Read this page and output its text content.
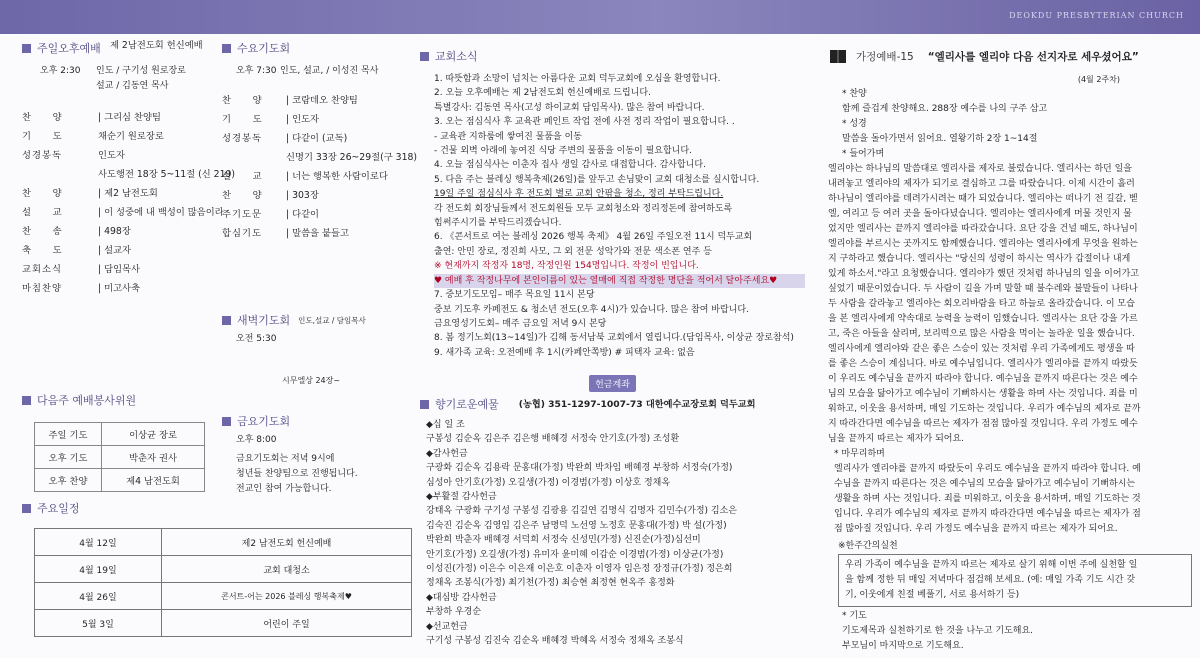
DEOKDU PRESBYTERIAN CHURCH
주일오후예배 제 2남전도회 헌신예배
오후 2:30 인도 / 구기성 원로장로
설교 / 김동연 목사
찬　　양	| 그리심 찬양팀
기　　도	채순기 원로장로
성경봉독	인도자
사도행전 18장 5~11절 (신 219)
찬　　양	| 제2 남전도회
설　　교	| 이 성중에 내 백성이 많음이라
찬　　송	| 498장
축　　도	| 설교자
교회소식	| 담임목사
마침찬양	| 미고사축
다음주 예배봉사위원
주일 기도	이상균 장로
오후 기도	박춘자 권사
오후 찬양	제4 남전도회
주요일정
4월 12일	제2 남전도회 헌신예배
4월 19일	교회 대청소
4월 26일	콘서트-어는 2026 블레싱 행복축제♥
5월 3일	어린이 주일
수요기도회
오후 7:30 인도, 설교, / 이성진 목사
찬　　양	| 코람데오 찬양팀
기　　도	| 인도자
성경봉독	| 다같이 (교독)
신명기 33장 26~29절(구 318)
설　　교	| 너는 행복한 사람이로다
찬　　양	| 303장
주기도문	| 다같이
합심기도	| 말씀을 붙들고
새벽기도회 인도,설교 / 담임목사
오전 5:30
시무엘상 24장~
금요기도회
오후 8:00
금요기도회는 저녁 9시에
청년들 찬양팀으로 진행됩니다.
전교인 참여 가능합니다.
교회소식
1. 따뜻함과 소망이 넘치는 아름다운 교회 덕두교회에 오심을 환영합니다.
2. 오늘 오후예배는 제 2남전도회 헌신예배로 드립니다.
특별강사: 김동연 목사(고성 하이교회 담임목사). 많은 참여 바랍니다.
3. 오는 점심식사 후 교육관 페인트 작업 전에 사전 정리 작업이 필요합니다. .
- 교육관 지하룸에 쌓여진 물품을 이동
- 건물 외벽 아래에 놓여진 식당 주변의 물품을 이동이 필요합니다.
4. 오늘 점심식사는 이춘자 집사 생일 감사로 대접합니다. 감사합니다.
5. 다음 주는 블레싱 행복축제(26일)를 앞두고 손님맞이 교회 대청소를 실시합니다.
19일 주일 점심식사 후 전도회 별로 교회 안팎을 청소, 정리 부탁드립니다.
각 전도회 회장님들께서 전도회원들 모두 교회청소와 정리정돈에 참여하도록
힘써주시기를 부탁드리겠습니다.
6. 《콘서트로 여는 블레싱 2026 행복 축제》 4월 26일 주일오전 11시 덕두교회
출연: 안민 장로, 정진희 사모, 그 외 전문 성악가와 전문 색소폰 연주 등
※ 현재까지 작정자 18명, 작정인원 154명입니다. 작정이 빈입니다.
♥ 예배 후 작정나무에 본인이름이 있는 열매에 직접 작정한 명단을 적어서 달아주세요♥
7. 중보기도모임– 매주 목요일 11시 본당
중보 기도후 카페전도 & 청소년 전도(오후 4시)가 있습니다. 많은 참여 바랍니다.
금요영성기도회– 매주 금요일 저녁 9시 본당
8. 봄 정기노회(13~14일)가 김해 동서남북 교회에서 열립니다.(담임목사, 이상균 장로참석)
9. 새가족 교육: 오전예배 후 1시(카페안쪽방) # 피택자 교육: 없음
헌금계좌
향기로운예물 (농협) 351-1297-1007-73 대한예수교장로회 덕두교회
◆십 일 조
구봉성 김순옥 김은주 김은행 배혜경 서정숙 안기호(가정) 조성환
◆감사헌금
구광화 김순옥 김용락 문홍대(가정) 박완희 박차임 배혜경 부창하 서정숙(가정)
심성아 안기호(가정) 오길생(가정) 이경범(가정) 이상호 정채옥
◆부활절 감사헌금
강태옥 구광화 구기성 구봉성 김광용 김길연 김명식 김명자 김민수(가정) 김소은
김숙진 김순옥 김영임 김은주 남명덕 노선영 노정호 문홍대(가정) 박 설(가정)
박완희 박춘자 배혜경 서덕희 서정숙 신성민(가정) 신진순(가정)심선미
안기호(가정) 오길생(가정) 유미자 윤미혜 이갑순 이경범(가정) 이상균(가정)
이성진(가정) 이은수 이은재 이은호 이춘자 이영자 임은정 장정규(가정) 정은희
정채옥 조봉식(가정) 최기천(가정) 최승현 최정현 현옥주 홍정화
◆대심방 감사헌금
부창하 우경순
◆선교헌금
구기성 구봉성 김진숙 김순옥 배혜경 박혜옥 서정숙 정채옥 조봉식
가정예배-15 “엘리사를 엘리야 다음 선지자로 세우셨어요”
(4월 2주차)
* 찬양
함께 즐겁게 찬양해요. 288장 예수를 나의 구주 삼고
* 성경
말씀을 돌아가면서 읽어요. 열왕기하 2장 1~14절
* 들어가며
엘리야는 하나님의 말씀대로 엘리사를 제자로 불렀습니다. 엘리사는 하던 일을
내려놓고 엘리야의 제자가 되기로 결심하고 그를 따랐습니다. 이제 시간이 흘러
하나님이 엘리야를 데려가시려는 때가 되었습니다. 엘리야는 떠나기 전 길갈, 벧
엘, 여리고 등 여러 곳을 돌아다녔습니다. 엘리야는 엘리사에게 머물 것인지 물
었지만 엘리사는 끝까지 엘리야를 따라갔습니다. 요단 강을 건널 때도, 하나님이
엘리야를 부르시는 곳까지도 함께했습니다. 엘리야는 엘리사에게 무엇을 원하는
지 구하라고 했습니다. 엘리사는 "당신의 성령이 하시는 역사가 갑절이나 내게
있게 하소서."라고 요청했습니다. 엘리야가 했던 것처럼 하나님의 일을 이어가고
싶었기 때문이었습니다. 두 사람이 길을 가며 말할 때 불수레와 불말들이 나타나
두 사람을 갈라놓고 엘리야는 회오리바람을 타고 하늘로 올라갔습니다. 이 모습
을 본 엘리사에게 약속대로 능력을 능력이 임했습니다. 엘리사는 요단 강을 가르
고, 죽은 아들을 살리며, 보리떡으로 많은 사람을 먹이는 놀라운 일을 했습니다.
엘리사에게 엘리야와 같은 좋은 스승이 있는 것처럼 우리 가족에게도 평생을 따
를 좋은 스승이 계십니다. 바로 예수님입니다. 엘리사가 엘리야를 끝까지 따랐듯
이 우리도 예수님을 끝까지 따라야 합니다. 예수님을 끝까지 따른다는 것은 예수
님의 모습을 닮아가고 예수님이 기뻐하시는 생활을 하며 사는 것입니다. 죄를 미
워하고, 이웃을 용서하며, 매일 기도하는 것입니다. 우리가 예수님의 제자로 끝까
지 따라간다면 예수님을 따르는 제자가 점점 많아질 것입니다. 우리 가정도 예수
님을 끝까지 따르는 제자가 되어요.
* 마무리하며
엘리사가 엘리야를 끝까지 따랐듯이 우리도 예수님을 끝까지 따라야 합니다. 예
수님을 끝까지 따른다는 것은 예수님의 모습을 닮아가고 예수님이 기뻐하시는
생활을 하며 사는 것입니다. 죄를 미워하고, 이웃을 용서하며, 매일 기도하는 것
입니다. 우리가 예수님의 제자로 끝까지 따라간다면 예수님을 따르는 제자가 점
점 많아질 것입니다. 우리 가정도 예수님을 끝까지 따르는 제자가 되어요.
※한주간의실천
우리 가족이 예수님을 끝까지 따르는 제자로 살기 위해 이번 주에 실천할 일
을 함께 정한 뒤 매일 저녁마다 점검해 보세요. (예: 매일 가족 기도 시간 갖
기, 이웃에게 친절 베풀기, 서로 용서하기 등)
* 기도
기도제목과 실천하기로 한 것을 나누고 기도해요.
부모님이 마지막으로 기도해요.
